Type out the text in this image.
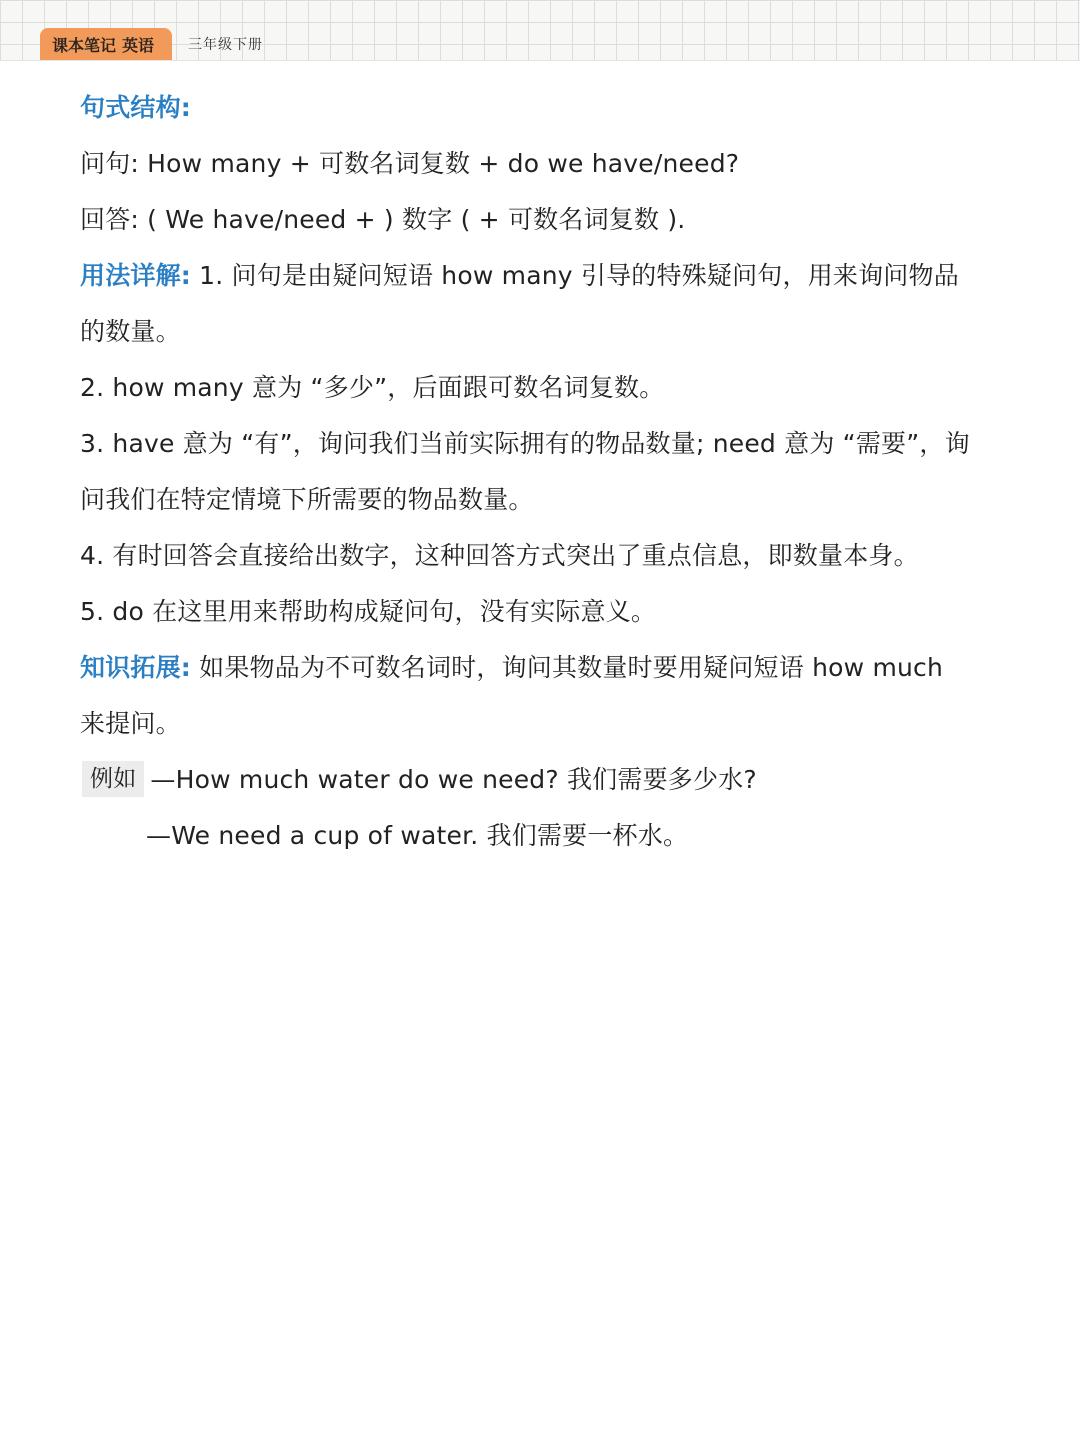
课本笔记 英语	三年级下册
句式结构:
问句: How many + 可数名词复数 + do we have/need?
回答: ( We have/need + ) 数字 ( + 可数名词复数 ).
用法详解: 1. 问句是由疑问短语 how many 引导的特殊疑问句，用来询问物品
的数量。
2. how many 意为 “多少”，后面跟可数名词复数。
3. have 意为 “有”，询问我们当前实际拥有的物品数量; need 意为 “需要”，询
问我们在特定情境下所需要的物品数量。
4. 有时回答会直接给出数字，这种回答方式突出了重点信息，即数量本身。
5. do 在这里用来帮助构成疑问句，没有实际意义。
知识拓展: 如果物品为不可数名词时，询问其数量时要用疑问短语 how much
来提问。
例如 —How much water do we need? 我们需要多少水?
—We need a cup of water. 我们需要一杯水。
